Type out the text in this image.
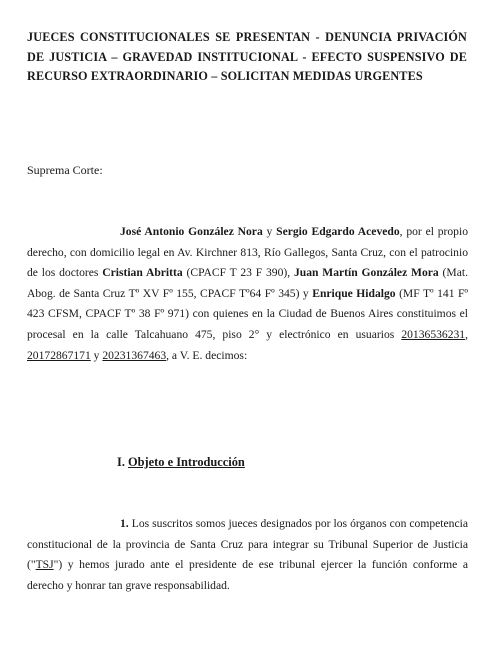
JUECES CONSTITUCIONALES SE PRESENTAN - DENUNCIA PRIVACIÓN DE JUSTICIA – GRAVEDAD INSTITUCIONAL - EFECTO SUSPENSIVO DE RECURSO EXTRAORDINARIO – SOLICITAN MEDIDAS URGENTES
Suprema Corte:
José Antonio González Nora y Sergio Edgardo Acevedo, por el propio derecho, con domicilio legal en Av. Kirchner 813, Río Gallegos, Santa Cruz, con el patrocinio de los doctores Cristian Abritta (CPACF T 23 F 390), Juan Martín González Mora (Mat. Abog. de Santa Cruz Tº XV Fº 155, CPACF Tº64 Fº 345) y Enrique Hidalgo (MF Tº 141 Fº 423 CFSM, CPACF Tº 38 Fº 971) con quienes en la Ciudad de Buenos Aires constituimos el procesal en la calle Talcahuano 475, piso 2° y electrónico en usuarios 20136536231, 20172867171 y 20231367463, a V. E. decimos:
I. Objeto e Introducción
1. Los suscritos somos jueces designados por los órganos con competencia constitucional de la provincia de Santa Cruz para integrar su Tribunal Superior de Justicia ("TSJ") y hemos jurado ante el presidente de ese tribunal ejercer la función conforme a derecho y honrar tan grave responsabilidad.
